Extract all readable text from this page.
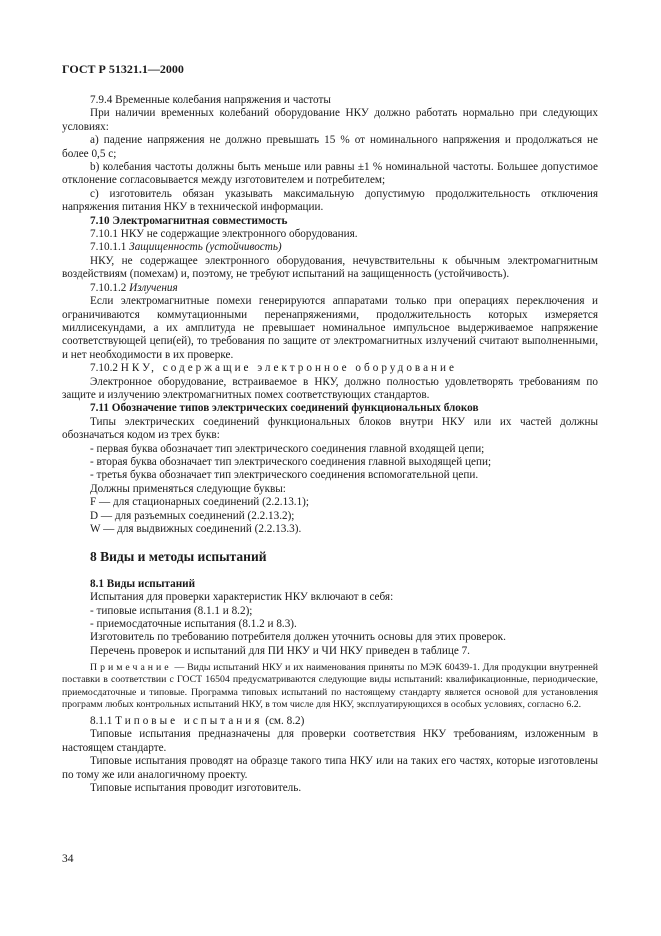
ГОСТ Р 51321.1—2000

7.9.4 Временные колебания напряжения и частоты

При наличии временных колебаний оборудование НКУ должно работать нормально при следующих условиях:

a) падение напряжения не должно превышать 15 % от номинального напряжения и продолжаться не более 0,5 с;

b) колебания частоты должны быть меньше или равны ±1 % номинальной частоты. Большее допустимое отклонение согласовывается между изготовителем и потребителем;

c) изготовитель обязан указывать максимальную допустимую продолжительность отключения напряжения питания НКУ в технической информации.

7.10 Электромагнитная совместимость

7.10.1 НКУ не содержащие электронного оборудования.

7.10.1.1 Защищенность (устойчивость)

НКУ, не содержащее электронного оборудования, нечувствительны к обычным электромагнитным воздействиям (помехам) и, поэтому, не требуют испытаний на защищенность (устойчивость).

7.10.1.2 Излучения

Если электромагнитные помехи генерируются аппаратами только при операциях переключения и ограничиваются коммутационными перенапряжениями, продолжительность которых измеряется миллисекундами, а их амплитуда не превышает номинальное импульсное выдерживаемое напряжение соответствующей цепи(ей), то требования по защите от электромагнитных излучений считают выполненными, и нет необходимости в их проверке.

7.10.2 НКУ, содержащие электронное оборудование

Электронное оборудование, встраиваемое в НКУ, должно полностью удовлетворять требованиям по защите и излучению электромагнитных помех соответствующих стандартов.

7.11 Обозначение типов электрических соединений функциональных блоков

Типы электрических соединений функциональных блоков внутри НКУ или их частей должны обозначаться кодом из трех букв:

- первая буква обозначает тип электрического соединения главной входящей цепи;

- вторая буква обозначает тип электрического соединения главной выходящей цепи;

- третья буква обозначает тип электрического соединения вспомогательной цепи.

Должны применяться следующие буквы:

F — для стационарных соединений (2.2.13.1);

D — для разъемных соединений (2.2.13.2);

W — для выдвижных соединений (2.2.13.3).

8 Виды и методы испытаний

8.1 Виды испытаний

Испытания для проверки характеристик НКУ включают в себя:

- типовые испытания (8.1.1 и 8.2);

- приемосдаточные испытания (8.1.2 и 8.3).

Изготовитель по требованию потребителя должен уточнить основы для этих проверок.

Перечень проверок и испытаний для ПИ НКУ и ЧИ НКУ приведен в таблице 7.

Примечание — Виды испытаний НКУ и их наименования приняты по МЭК 60439-1. Для продукции внутренней поставки в соответствии с ГОСТ 16504 предусматриваются следующие виды испытаний: квалификационные, периодические, приемосдаточные и типовые. Программа типовых испытаний по настоящему стандарту является основой для установления программ любых контрольных испытаний НКУ, в том числе для НКУ, эксплуатирующихся в особых условиях, согласно 6.2.

8.1.1 Типовые испытания (см. 8.2)

Типовые испытания предназначены для проверки соответствия НКУ требованиям, изложенным в настоящем стандарте.

Типовые испытания проводят на образце такого типа НКУ или на таких его частях, которые изготовлены по тому же или аналогичному проекту.

Типовые испытания проводит изготовитель.

34
